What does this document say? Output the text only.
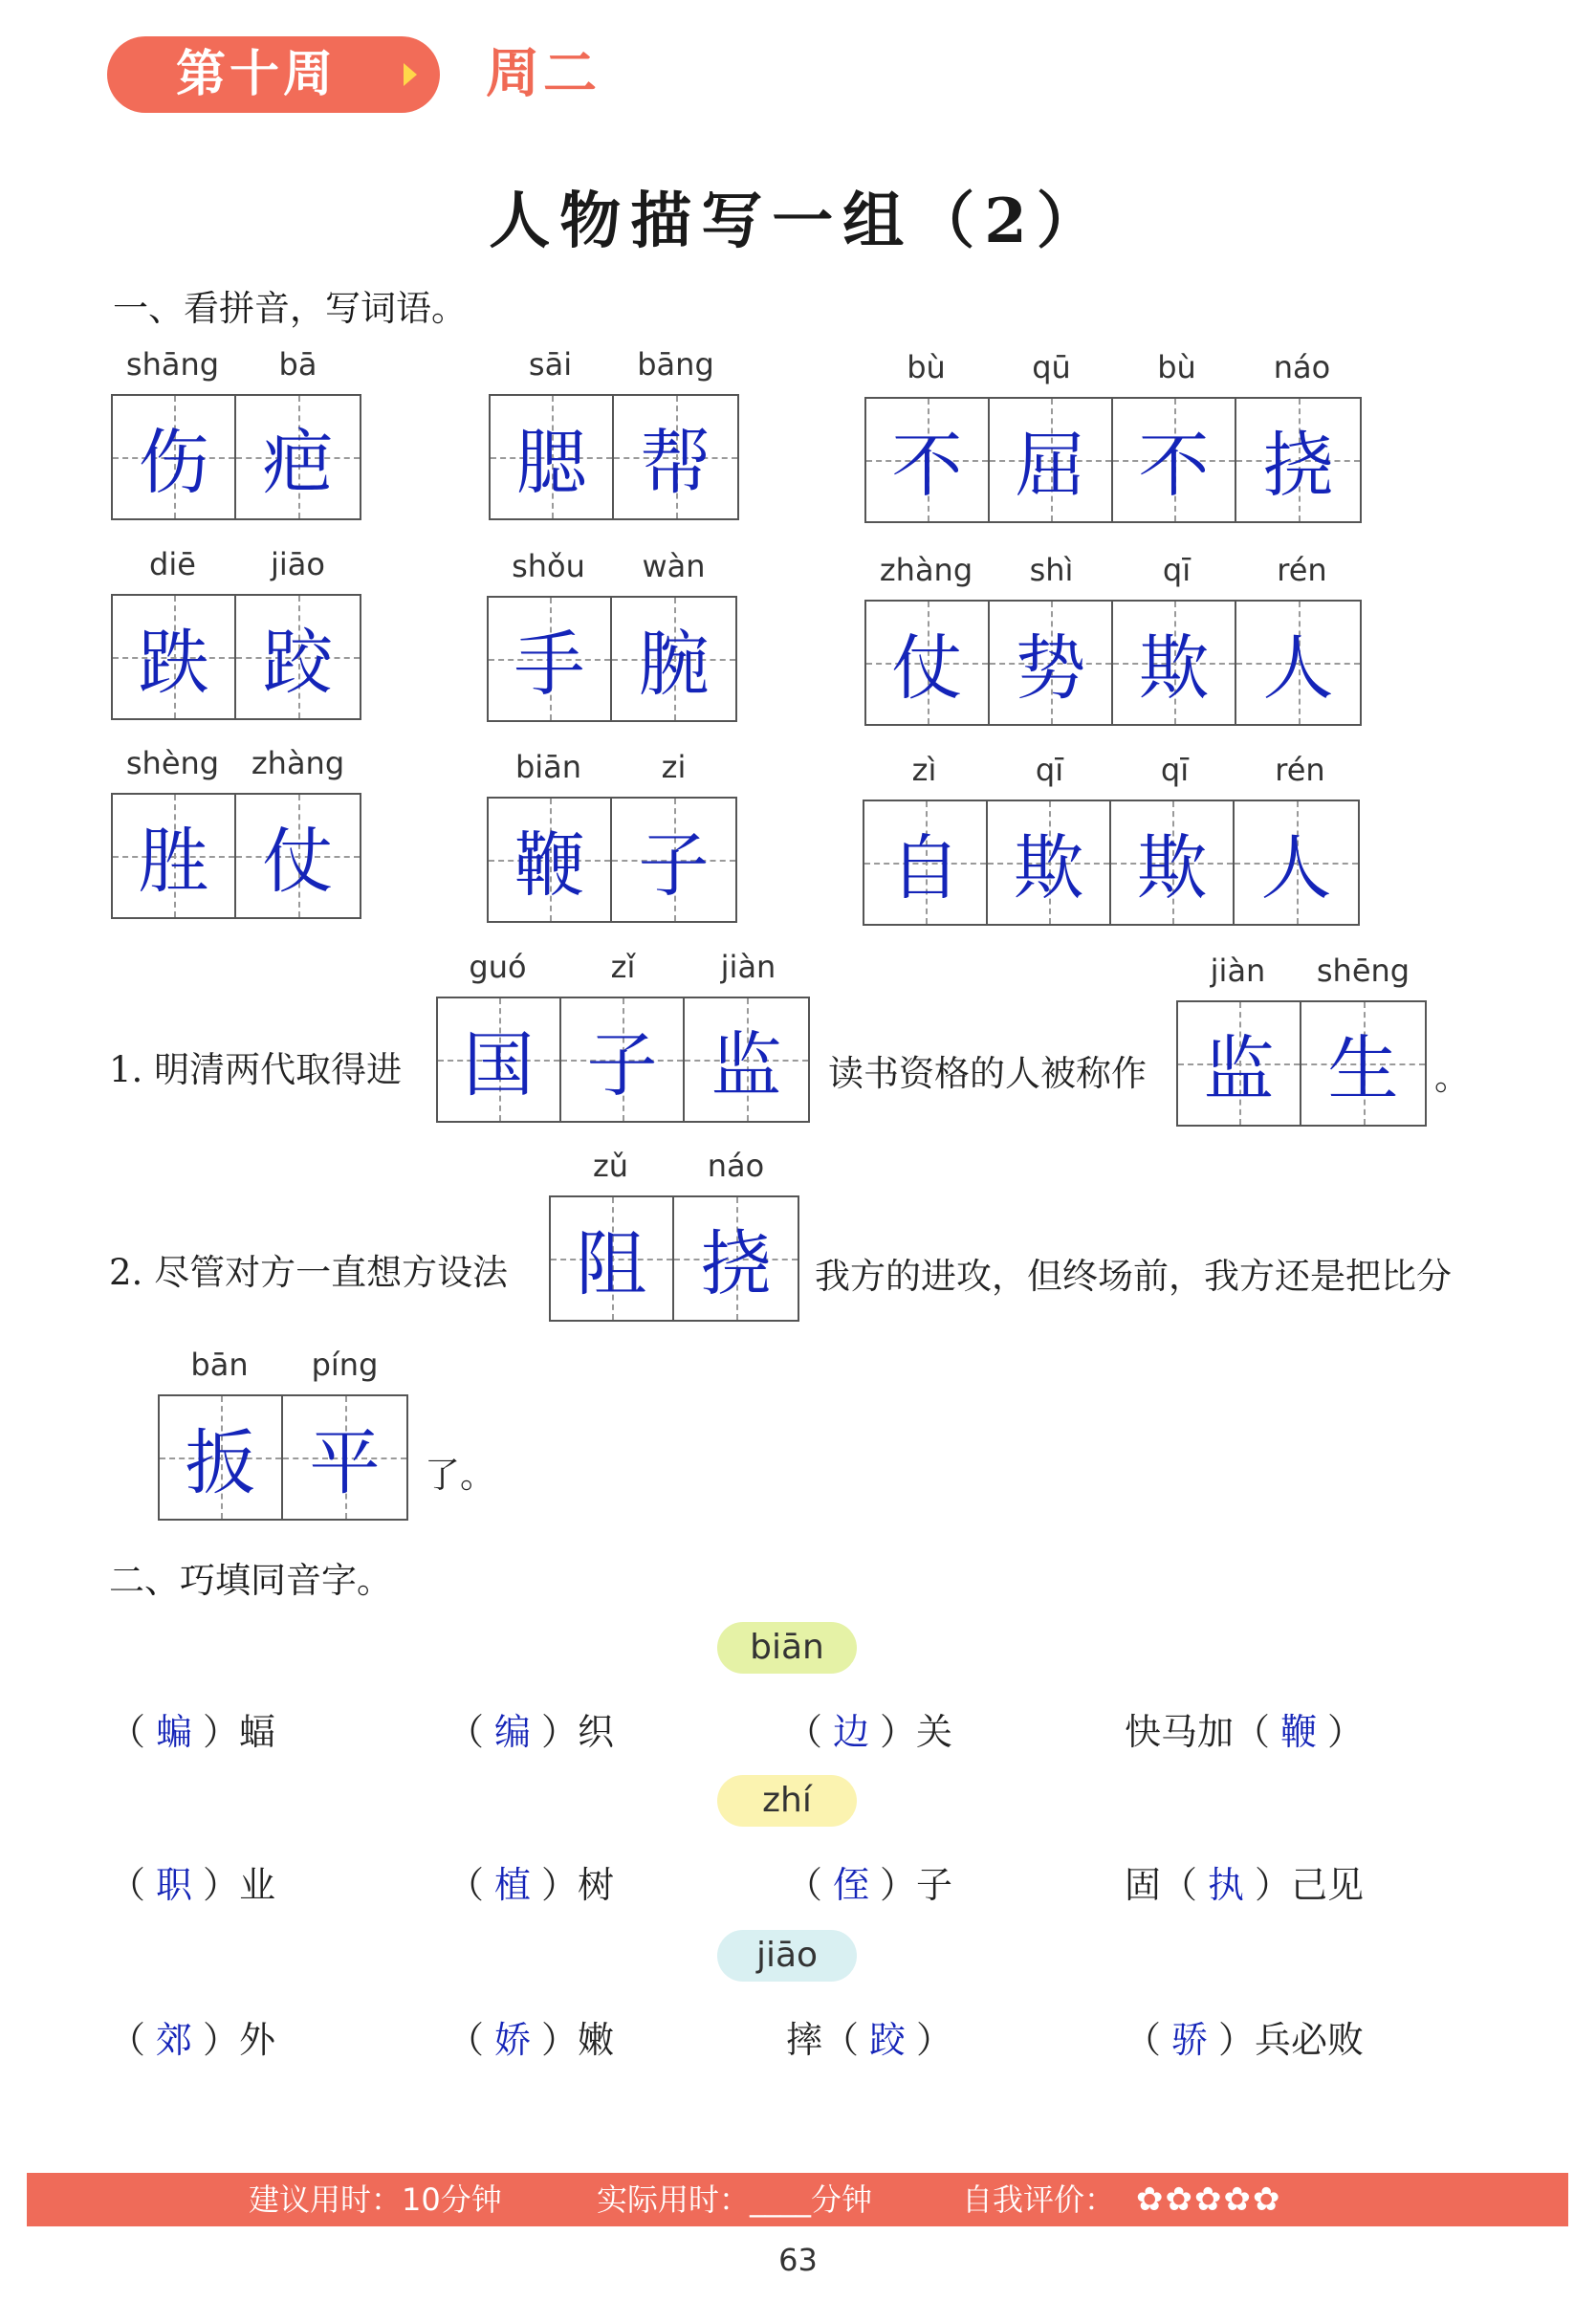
第十周	周二
人物描写一组（2）
一、看拼音，写词语。
shāng	bā
伤 疤
sāi	bāng
腮 帮
bù	qū	bù	náo
不 屈 不 挠
diē	jiāo
跌 跤
shǒu	wàn
手 腕
zhàng	shì	qī	rén
仗 势 欺 人
shèng	zhàng
胜 仗
biān	zi
鞭 子
zì	qī	qī	rén
自 欺 欺 人
1. 明清两代取得进	读书资格的人被称作	。
guó	zǐ	jiàn
国 子 监
jiàn	shēng
监 生
2. 尽管对方一直想方设法	我方的进攻，但终场前，我方还是把比分
了。
zǔ	náo
阻 挠
bān	píng
扳 平
二、巧填同音字。
biān
（ 蝙 ）蝠	（ 编 ）织	（ 边 ）关	快马加（ 鞭 ）
zhí
（ 职 ）业	（ 植 ）树	（ 侄 ）子	固（ 执 ）己见
jiāo
（ 郊 ）外	（ 娇 ）嫩	摔（ 跤 ）	（ 骄 ）兵必败
建议用时：10分钟	实际用时：____分钟	自我评价： ✿✿✿✿✿
63
